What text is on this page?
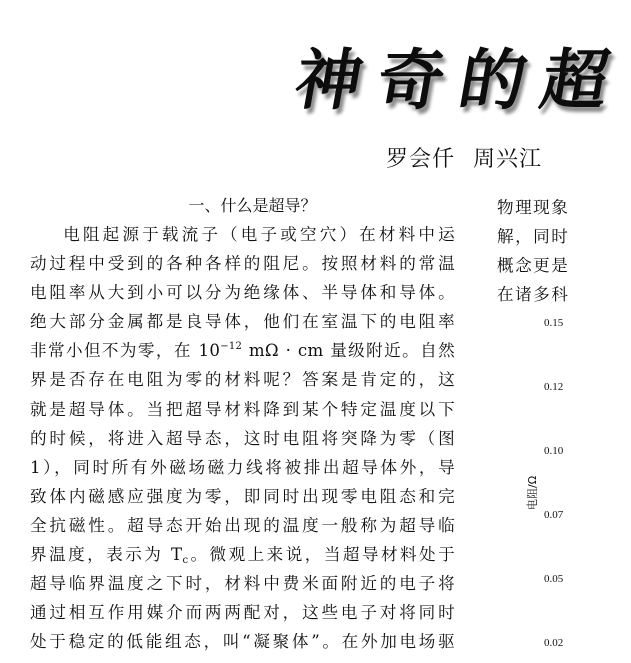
神奇的超
罗会仟 周兴江
一、什么是超导？
电阻起源于载流子（电子或空穴）在材料中运
动过程中受到的各种各样的阻尼。按照材料的常温
电阻率从大到小可以分为绝缘体、半导体和导体。
绝大部分金属都是良导体，他们在室温下的电阻率
非常小但不为零，在 $10^{-12}$ mΩ · cm 量级附近。自然
界是否存在电阻为零的材料呢？答案是肯定的，这
就是超导体。当把超导材料降到某个特定温度以下
的时候，将进入超导态，这时电阻将突降为零（图
1），同时所有外磁场磁力线将被排出超导体外，导
致体内磁感应强度为零，即同时出现零电阻态和完
全抗磁性。超导态开始出现的温度一般称为超导临
界温度，表示为 $T_c$。微观上来说，当超导材料处于
超导临界温度之下时，材料中费米面附近的电子将
通过相互作用媒介而两两配对，这些电子对将同时
处于稳定的低能组态，叫“凝聚体”。在外加电场驱
物理现象
解，同时
概念更是
在诸多科
电阻/Ω
0.15
0.12
0.10
0.07
0.05
0.02
